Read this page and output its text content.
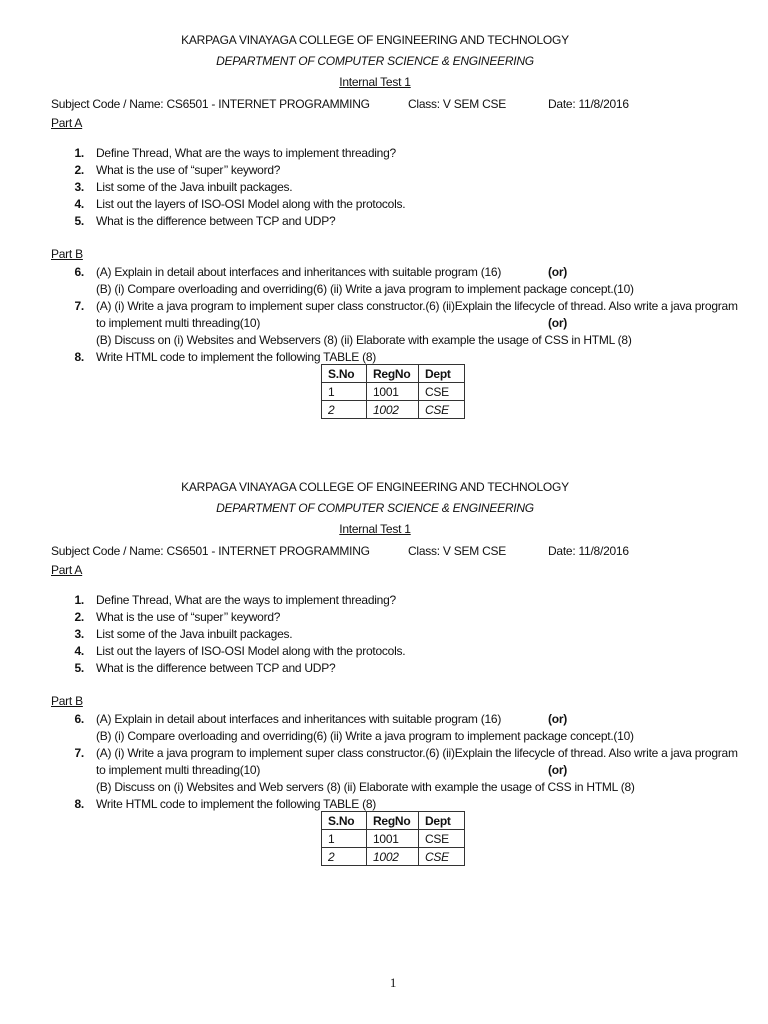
KARPAGA VINAYAGA COLLEGE OF ENGINEERING AND TECHNOLOGY
DEPARTMENT OF COMPUTER SCIENCE & ENGINEERING
Internal Test 1
Subject Code / Name: CS6501 - INTERNET PROGRAMMING	Class: V SEM CSE	Date: 11/8/2016
Part A
1. Define Thread, What are the ways to implement threading?
2. What is the use of “super’’ keyword?
3. List some of the Java inbuilt packages.
4. List out the layers of ISO-OSI Model along with the protocols.
5. What is the difference between TCP and UDP?
Part B
6. (A) Explain in detail about interfaces and inheritances with suitable program (16)	(or)
(B) (i) Compare overloading and overriding(6) (ii) Write a java program to implement package concept.(10)
7. (A) (i) Write a java program to implement super class constructor.(6) (ii)Explain the lifecycle of thread. Also write a java program
to implement multi threading(10)	(or)
(B) Discuss on (i) Websites and Webservers (8) (ii) Elaborate with example the usage of CSS in HTML (8)
8. Write HTML code to implement the following TABLE (8)
S.No	RegNo	Dept
1	1001	CSE
2	1002	CSE
KARPAGA VINAYAGA COLLEGE OF ENGINEERING AND TECHNOLOGY
DEPARTMENT OF COMPUTER SCIENCE & ENGINEERING
Internal Test 1
Subject Code / Name: CS6501 - INTERNET PROGRAMMING	Class: V SEM CSE	Date: 11/8/2016
Part A
1. Define Thread, What are the ways to implement threading?
2. What is the use of “super’’ keyword?
3. List some of the Java inbuilt packages.
4. List out the layers of ISO-OSI Model along with the protocols.
5. What is the difference between TCP and UDP?
Part B
6. (A) Explain in detail about interfaces and inheritances with suitable program (16)	(or)
(B) (i) Compare overloading and overriding(6) (ii) Write a java program to implement package concept.(10)
7. (A) (i) Write a java program to implement super class constructor.(6) (ii)Explain the lifecycle of thread. Also write a java program
to implement multi threading(10)	(or)
(B) Discuss on (i) Websites and Web servers (8) (ii) Elaborate with example the usage of CSS in HTML (8)
8. Write HTML code to implement the following TABLE (8)
S.No	RegNo	Dept
1	1001	CSE
2	1002	CSE
1
